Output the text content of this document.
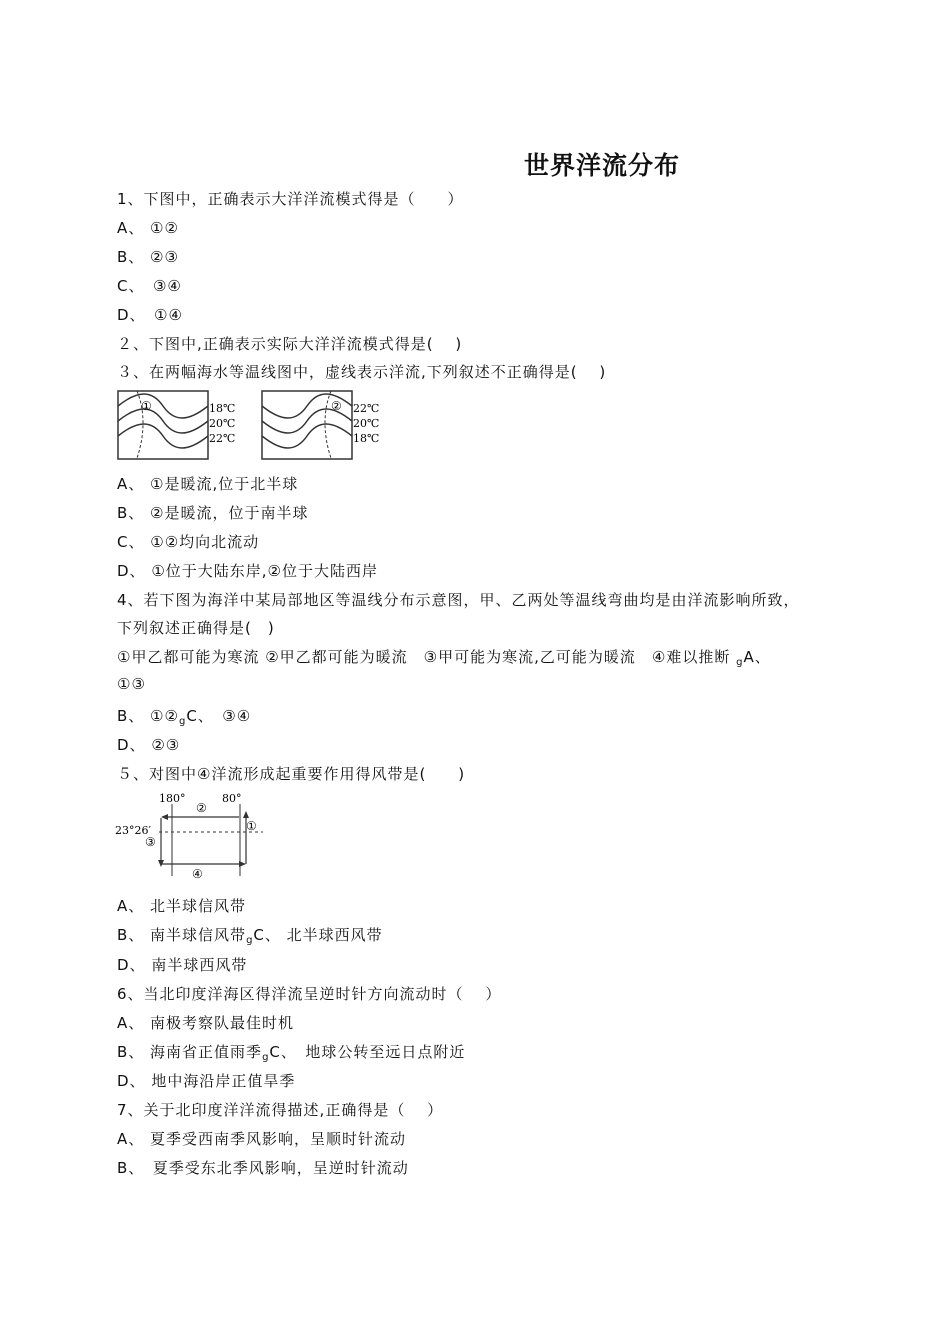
世界洋流分布
1、下图中，正确表示大洋洋流模式得是（　　）
A、 ①②
B、 ②③
C、　③④
D、　①④
２、下图中,正确表示实际大洋洋流模式得是(　 )
３、在两幅海水等温线图中，虚线表示洋流,下列叙述不正确得是(　 )
①	18℃
20℃
22℃
② 22℃
20℃
18℃
A、 ①是暖流,位于北半球
B、 ②是暖流，位于南半球
C、 ①②均向北流动
D、 ①位于大陆东岸,②位于大陆西岸
4、若下图为海洋中某局部地区等温线分布示意图，甲、乙两处等温线弯曲均是由洋流影响所致，
下列叙述正确得是(　)
①甲乙都可能为寒流 ②甲乙都可能为暖流　③甲可能为寒流,乙可能为暖流　④难以推断 $_g$A、
①③
B、 $①②_gC$、　③④
D、 ②③
５、对图中④洋流形成起重要作用得风带是(　　)
180°	80°
②
①
23°26′
③
④
A、 北半球信风带
B、 南半球信风带$_g$C、 北半球西风带
D、 南半球西风带
6、当北印度洋海区得洋流呈逆时针方向流动时（　 ）
A、 南极考察队最佳时机
B、 海南省正值雨季$_g$C、　地球公转至远日点附近
D、 地中海沿岸正值旱季
7、关于北印度洋洋流得描述,正确得是（　 ）
A、 夏季受西南季风影响，呈顺时针流动
B、　夏季受东北季风影响，呈逆时针流动
